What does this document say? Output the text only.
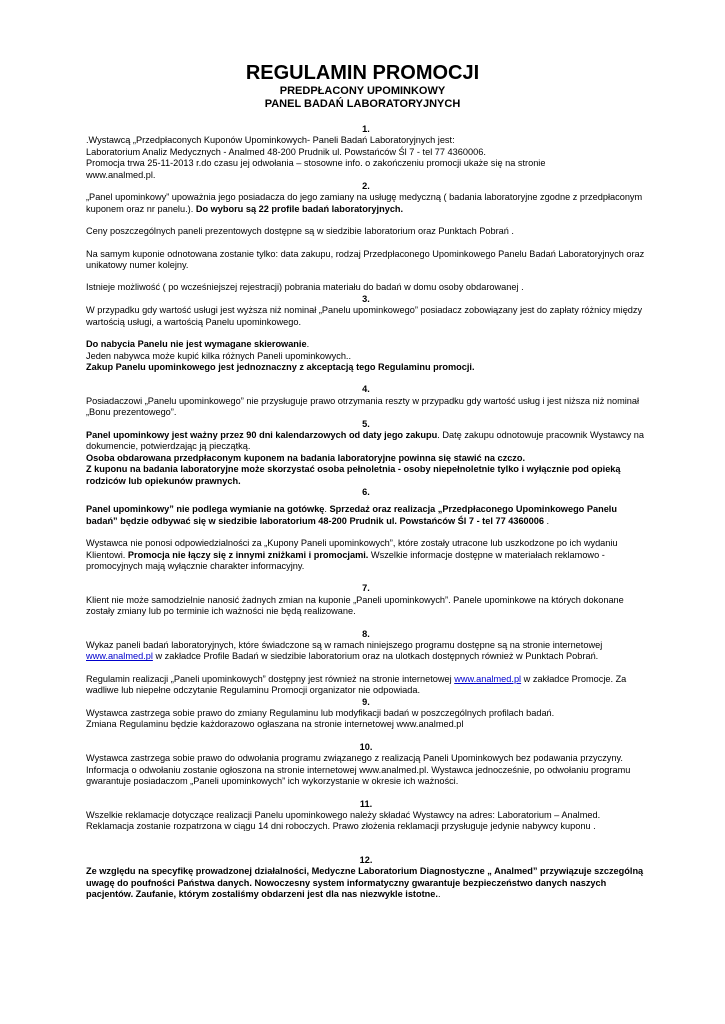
REGULAMIN PROMOCJI
PREDPŁACONY UPOMINKOWY
PANEL BADAŃ LABORATORYJNYCH
1.
.Wystawcą „Przedpłaconych Kuponów Upominkowych- Paneli Badań Laboratoryjnych jest:
Laboratorium Analiz Medycznych - Analmed 48-200 Prudnik ul. Powstańców Śl 7 - tel 77 4360006.
Promocja trwa 25-11-2013 r.do czasu jej odwołania – stosowne info. o zakończeniu promocji ukaże się na stronie
www.analmed.pl.
2.
„Panel upominkowy” upoważnia jego posiadacza do jego zamiany na usługę medyczną ( badania laboratoryjne zgodne z przedpłaconym kuponem oraz nr panelu.). Do wyboru są 22 profile badań laboratoryjnych.
Ceny poszczególnych paneli prezentowych dostępne są w siedzibie laboratorium oraz Punktach Pobrań .
Na samym kuponie odnotowana zostanie tylko: data zakupu, rodzaj Przedpłaconego Upominkowego Panelu Badań Laboratoryjnych oraz unikatowy numer kolejny.
Istnieje możliwość ( po wcześniejszej rejestracji) pobrania materiału do badań w domu osoby obdarowanej .
3.
W przypadku gdy wartość usługi jest wyższa niż nominał „Panelu upominkowego” posiadacz zobowiązany jest do zapłaty różnicy między wartością usługi, a wartością Panelu upominkowego.
Do nabycia Panelu nie jest wymagane skierowanie.
Jeden nabywca może kupić kilka różnych Paneli upominkowych..
Zakup Panelu upominkowego jest jednoznaczny z akceptacją tego Regulaminu promocji.
4.
Posiadaczowi „Panelu upominkowego” nie przysługuje prawo otrzymania reszty w przypadku gdy wartość usług i jest niższa niż nominał „Bonu prezentowego”.
5.
Panel upominkowy jest ważny przez 90 dni kalendarzowych od daty jego zakupu. Datę zakupu odnotowuje pracownik Wystawcy na dokumencie, potwierdzając ją pieczątką.
Osoba obdarowana przedpłaconym kuponem na badania laboratoryjne powinna się stawić na czczo.
Z kuponu na badania laboratoryjne może skorzystać osoba pełnoletnia - osoby niepełnoletnie tylko i wyłącznie pod opieką rodziców lub opiekunów prawnych.
6.
Panel upominkowy” nie podlega wymianie na gotówkę. Sprzedaż oraz realizacja „Przedpłaconego Upominkowego Panelu badań” będzie odbywać się w siedzibie laboratorium 48-200 Prudnik ul. Powstańców Śl 7 - tel 77 4360006 .
Wystawca nie ponosi odpowiedzialności za „Kupony Paneli upominkowych”, które zostały utracone lub uszkodzone po ich wydaniu Klientowi. Promocja nie łączy się z innymi zniżkami i promocjami. Wszelkie informacje dostępne w materiałach reklamowo -promocyjnych mają wyłącznie charakter informacyjny.
7.
Klient nie może samodzielnie nanosić żadnych zmian na kuponie „Paneli upominkowych”. Panele upominkowe na których dokonane zostały zmiany lub po terminie ich ważności nie będą realizowane.
8.
Wykaz paneli badań laboratoryjnych, które świadczone są w ramach niniejszego programu dostępne są na stronie internetowej www.analmed.pl w zakładce Profile Badań w siedzibie laboratorium oraz na ulotkach dostępnych również w Punktach Pobrań.
Regulamin realizacji „Paneli upominkowych” dostępny jest również na stronie internetowej www.analmed.pl w zakładce Promocje. Za wadliwe lub niepełne odczytanie Regulaminu Promocji organizator nie odpowiada.
9.
Wystawca zastrzega sobie prawo do zmiany Regulaminu lub modyfikacji badań w poszczególnych profilach badań.
Zmiana Regulaminu będzie każdorazowo ogłaszana na stronie internetowej www.analmed.pl
10.
Wystawca zastrzega sobie prawo do odwołania programu związanego z realizacją Paneli Upominkowych bez podawania przyczyny. Informacja o odwołaniu zostanie ogłoszona na stronie internetowej www.analmed.pl. Wystawca jednocześnie, po odwołaniu programu gwarantuje posiadaczom „Paneli upominkowych” ich wykorzystanie w okresie ich ważności.
11.
Wszelkie reklamacje dotyczące realizacji Panelu upominkowego należy składać Wystawcy na adres: Laboratorium – Analmed. Reklamacja zostanie rozpatrzona w ciągu 14 dni roboczych. Prawo złożenia reklamacji przysługuje jedynie nabywcy kuponu .
12.
Ze względu na specyfikę prowadzonej działalności, Medyczne Laboratorium Diagnostyczne „ Analmed” przywiązuje szczególną uwagę do poufności Państwa danych. Nowoczesny system informatyczny gwarantuje bezpieczeństwo danych naszych pacjentów. Zaufanie, którym zostaliśmy obdarzeni jest dla nas niezwykle istotne..
